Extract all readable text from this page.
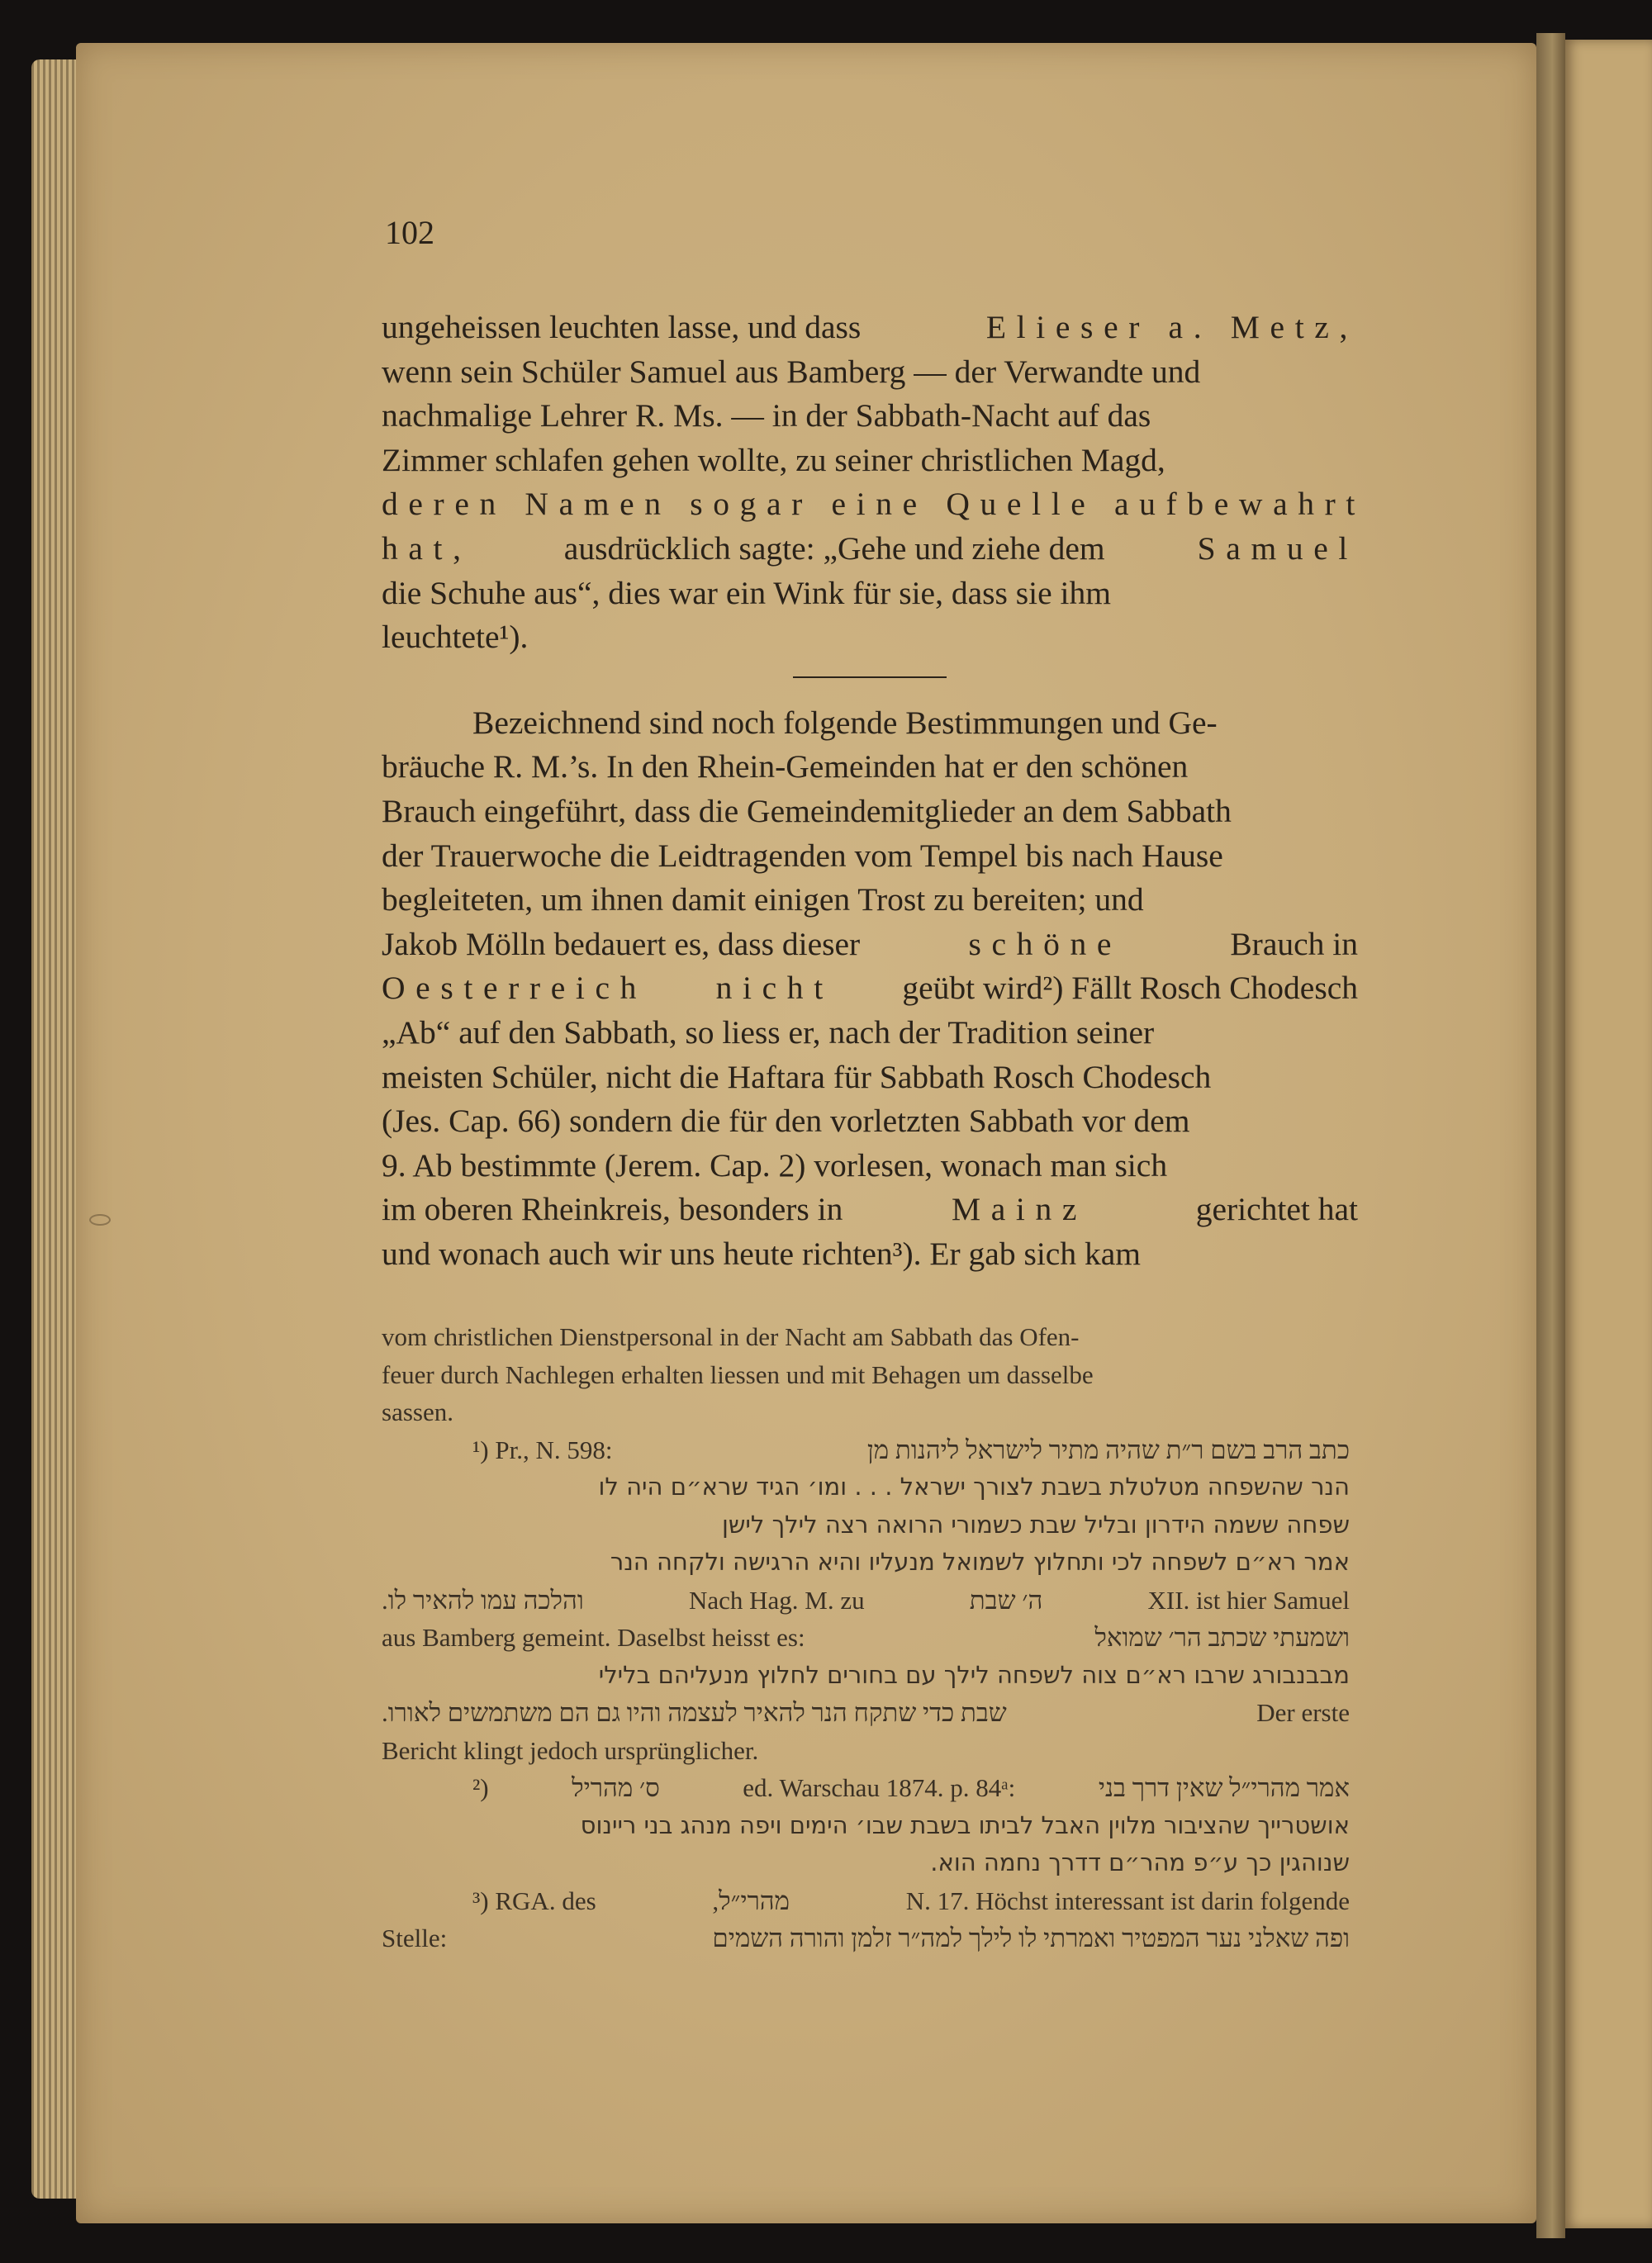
102
ungeheissen leuchten lasse, und dass	Elieser a. Metz,
wenn sein Schüler Samuel aus Bamberg — der Verwandte und
nachmalige Lehrer R. Ms. — in der Sabbath-Nacht auf das
Zimmer schlafen gehen wollte, zu seiner christlichen Magd,
deren Namen sogar eine Quelle aufbewahrt
hat,	ausdrücklich sagte: „Gehe und ziehe dem	Samuel
die Schuhe aus“, dies war ein Wink für sie, dass sie ihm
leuchtete¹).
Bezeichnend sind noch folgende Bestimmungen und Ge-
bräuche R. M.’s. In den Rhein-Gemeinden hat er den schönen
Brauch eingeführt, dass die Gemeindemitglieder an dem Sabbath
der Trauerwoche die Leidtragenden vom Tempel bis nach Hause
begleiteten, um ihnen damit einigen Trost zu bereiten; und
Jakob Mölln bedauert es, dass dieser	schöne	Brauch in
Oesterreich nicht geübt wird²) Fällt Rosch Chodesch
„Ab“ auf den Sabbath, so liess er, nach der Tradition seiner
meisten Schüler, nicht die Haftara für Sabbath Rosch Chodesch
(Jes. Cap. 66) sondern die für den vorletzten Sabbath vor dem
9. Ab bestimmte (Jerem. Cap. 2) vorlesen, wonach man sich
im oberen Rheinkreis, besonders in	Mainz	gerichtet hat
und wonach auch wir uns heute richten³). Er gab sich kam
vom christlichen Dienstpersonal in der Nacht am Sabbath das Ofen-
feuer durch Nachlegen erhalten liessen und mit Behagen um dasselbe
sassen.
¹) Pr., N. 598:	כתב הרב בשם ר״ת שהיה מתיר לישראל ליהנות מן
הנר שהשפחה מטלטלת בשבת לצורך ישראל . . . ומו׳ הגיד שרא״ם היה לו
שפחה ששמה הידרון ובליל שבת כשמורי הרואה רצה לילך לישן
אמר רא״ם לשפחה לכי ותחלוץ לשמואל מנעליו והיא הרגישה ולקחה הנר
והלכה עמו להאיר לו.	Nach Hag. M. zu	ה׳ שבת	XII. ist hier Samuel
aus Bamberg gemeint. Daselbst heisst es:	ושמעתי שכתב הר׳ שמואל
מבבנבורג שרבו רא״ם צוה לשפחה לילך עם בחורים לחלוץ מנעליהם בלילי
שבת כדי שתקח הנר להאיר לעצמה והיו גם הם משתמשים לאורו.	Der erste
Bericht klingt jedoch ursprünglicher.
²)	ס׳ מהריל	ed. Warschau 1874. p. 84ᵃ:	אמר מהרי״ל שאין דרך בני
אושטרייך שהציבור מלוין האבל לביתו בשבת שבו׳ הימים ויפה מנהג בני ריינוס
שנוהגין כך ע״פ מהר״ם דדרך נחמה הוא.
³) RGA. des	מהרי״ל,	N. 17. Höchst interessant ist darin folgende
Stelle:	ופה שאלני נער המפטיר ואמרתי לו לילך למה״ר זלמן והורה השמים
